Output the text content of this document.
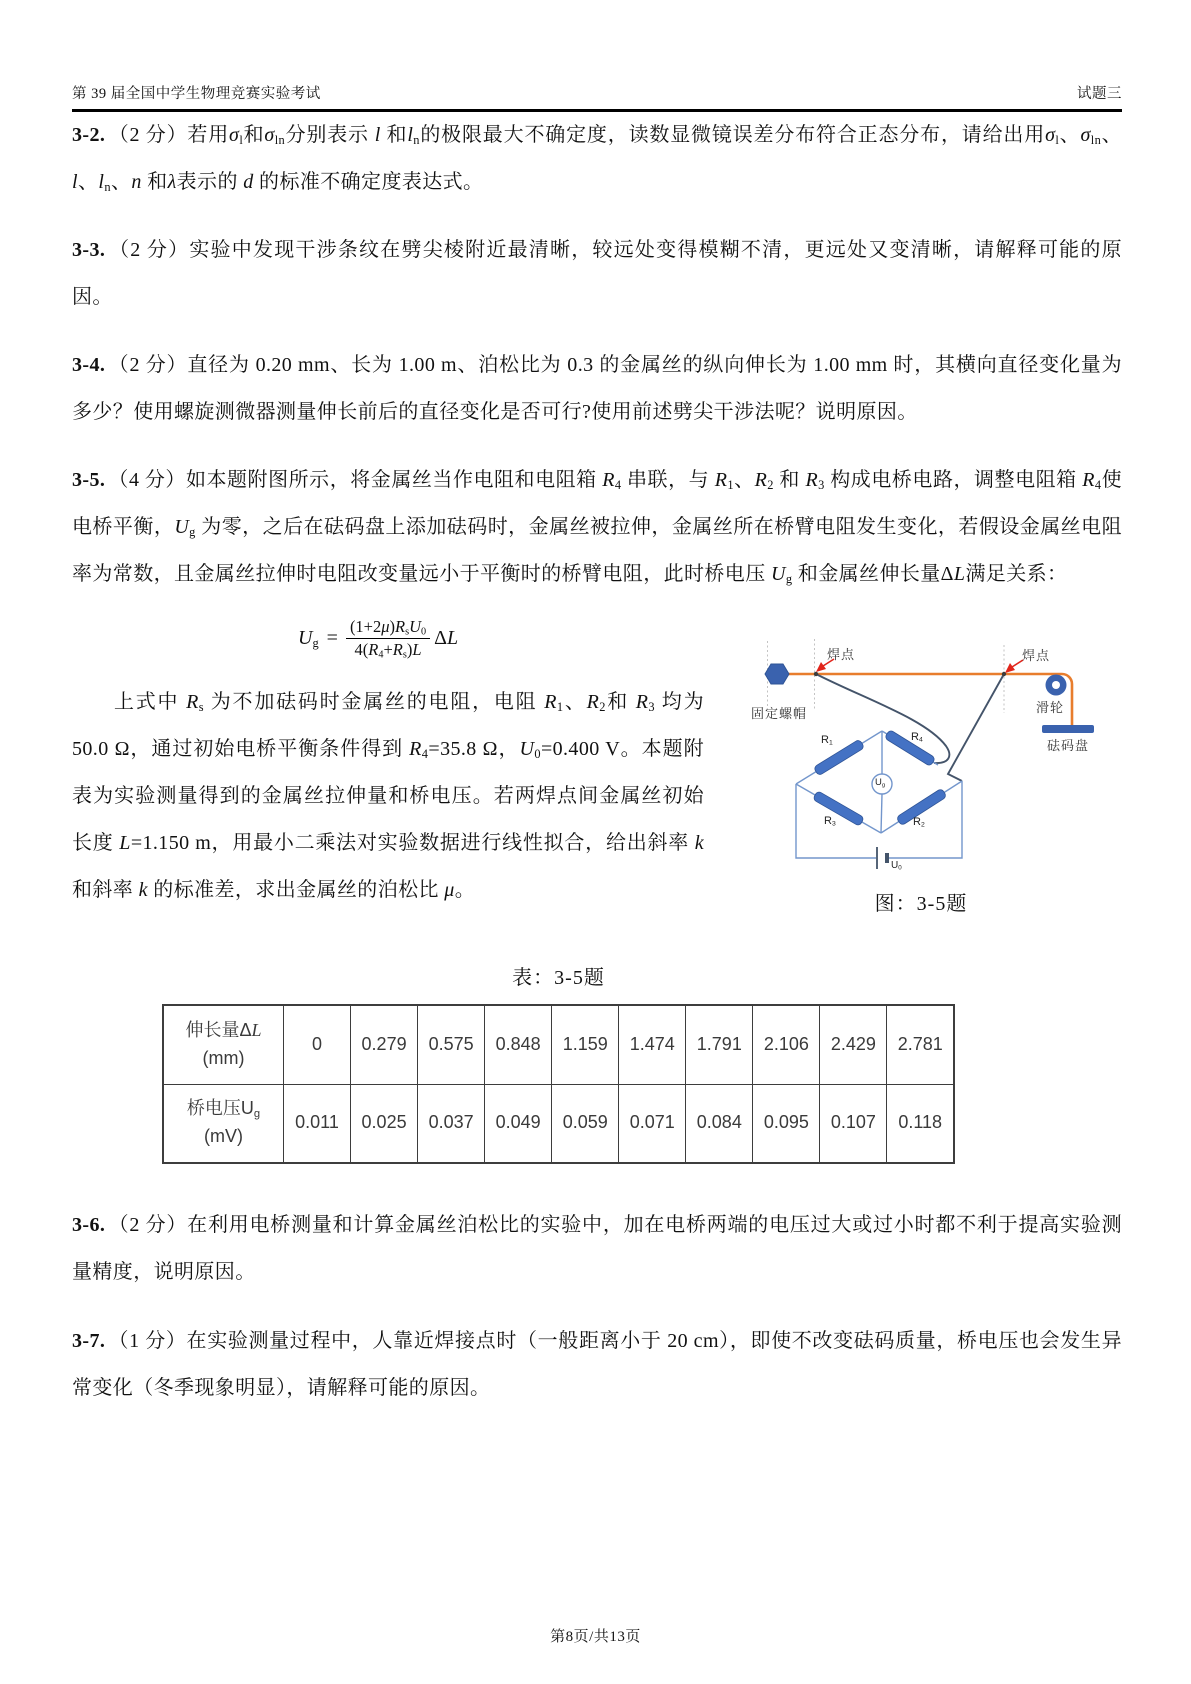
第 39 届全国中学生物理竞赛实验考试	试题三

3-2. （2 分）若用$\sigma_l$和$\sigma_{ln}$分别表示 l 和$l_n$的极限最大不确定度，读数显微镜误差分布符合正态分布，请给出用$\sigma_l$、$\sigma_{ln}$、 l、$l_n$、n 和λ表示的 d 的标准不确定度表达式。

3-3. （2 分）实验中发现干涉条纹在劈尖棱附近最清晰，较远处变得模糊不清，更远处又变清晰，请解释可能的原因。

3-4. （2 分）直径为 0.20 mm、长为 1.00 m、泊松比为 0.3 的金属丝的纵向伸长为 1.00 mm 时，其横向直径变化量为多少？使用螺旋测微器测量伸长前后的直径变化是否可行?使用前述劈尖干涉法呢？说明原因。

3-5. （4 分）如本题附图所示，将金属丝当作电阻和电阻箱 $R_4$ 串联，与 $R_1$、$R_2$ 和 $R_3$ 构成电桥电路，调整电阻箱 $R_4$使电桥平衡，$U_g$ 为零，之后在砝码盘上添加砝码时，金属丝被拉伸，金属丝所在桥臂电阻发生变化，若假设金属丝电阻率为常数，且金属丝拉伸时电阻改变量远小于平衡时的桥臂电阻，此时桥电压 $U_g$ 和金属丝伸长量ΔL满足关系：

$U_g = \frac{(1+2\mu)R_sU_0}{4(R_4+R_s)L}$ ΔL

上式中 $R_s$ 为不加砝码时金属丝的电阻，电阻 $R_1$、$R_2$和 $R_3$ 均为 50.0 Ω，通过初始电桥平衡条件得到 $R_4=35.8$ Ω，$U_0=0.400$ V。本题附表为实验测量得到的金属丝拉伸量和桥电压。若两焊点间金属丝初始长度 L=1.150 m，用最小二乘法对实验数据进行线性拟合，给出斜率 k 和斜率 k 的标准差，求出金属丝的泊松比 μ。

焊点	焊点
固定螺帽	滑轮
砝码盘
$R_1$
$R_4$
$R_3$	$R_2$
$U_g$
$U_0$
图：3-5题
表：3-5题
伸长量ΔL
(mm)	0	0.279	0.575	0.848	1.159	1.474	1.791	2.106	2.429	2.781
桥电压$U_g$
(mV)	0.011	0.025	0.037	0.049	0.059	0.071	0.084	0.095	0.107	0.118

3-6. （2 分）在利用电桥测量和计算金属丝泊松比的实验中，加在电桥两端的电压过大或过小时都不利于提高实验测量精度，说明原因。

3-7. （1 分）在实验测量过程中，人靠近焊接点时（一般距离小于 20 cm），即使不改变砝码质量，桥电压也会发生异常变化（冬季现象明显），请解释可能的原因。

第8页/共13页
